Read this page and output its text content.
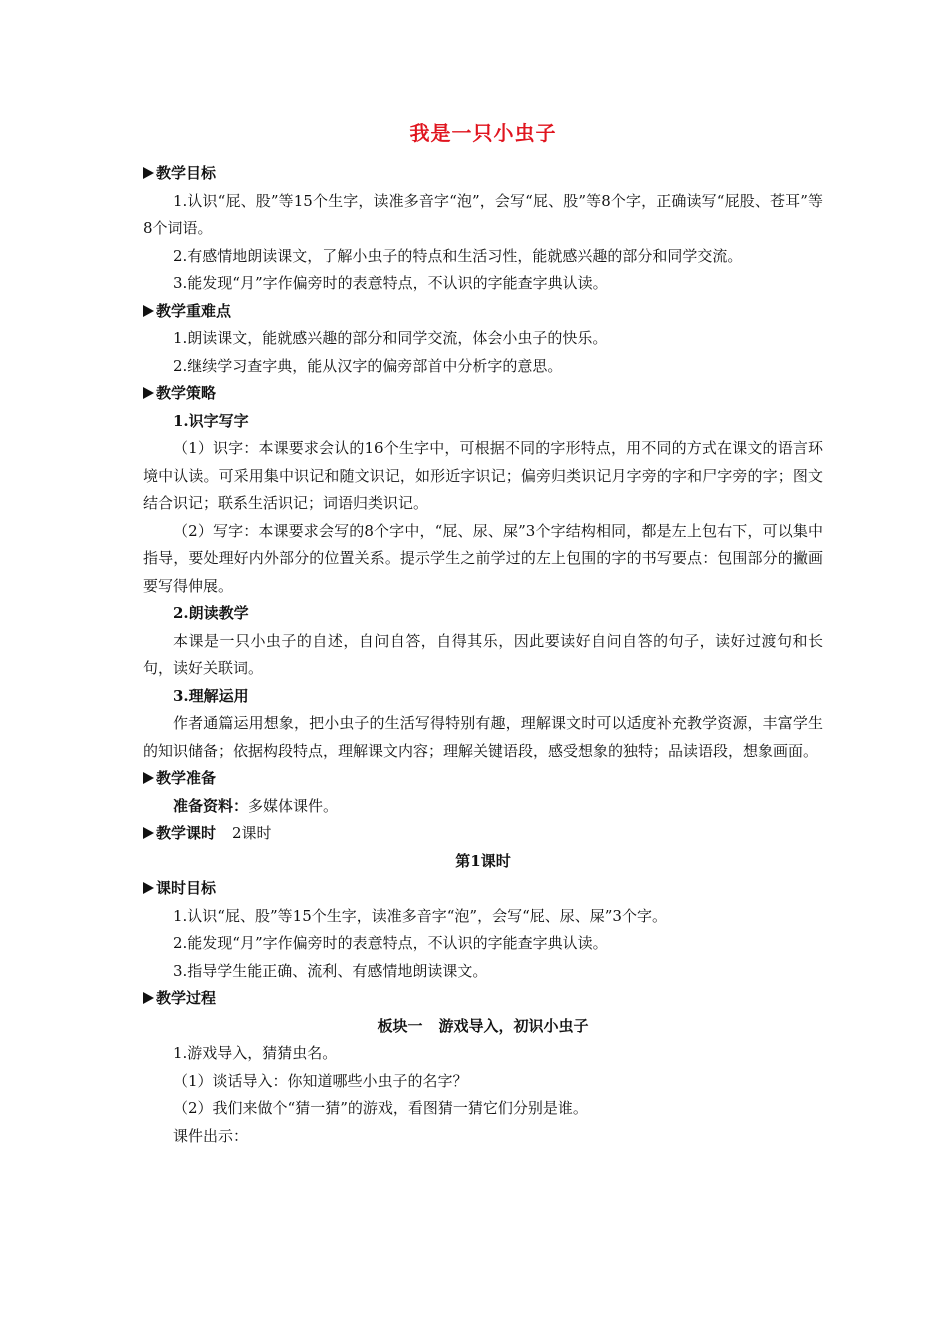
我是一只小虫子
教学目标

1.认识“屁、股”等15个生字，读准多音字“泡”，会写“屁、股”等8个字，正确读写“屁股、苍耳”等8个词语。

2.有感情地朗读课文，了解小虫子的特点和生活习性，能就感兴趣的部分和同学交流。

3.能发现“月”字作偏旁时的表意特点，不认识的字能查字典认读。

教学重难点

1.朗读课文，能就感兴趣的部分和同学交流，体会小虫子的快乐。

2.继续学习查字典，能从汉字的偏旁部首中分析字的意思。

教学策略
1.识字写字

（1）识字：本课要求会认的16个生字中，可根据不同的字形特点，用不同的方式在课文的语言环境中认读。可采用集中识记和随文识记，如形近字识记；偏旁归类识记月字旁的字和尸字旁的字；图文结合识记；联系生活识记；词语归类识记。

（2）写字：本课要求会写的8个字中，“屁、尿、屎”3个字结构相同，都是左上包右下，可以集中指导，要处理好内外部分的位置关系。提示学生之前学过的左上包围的字的书写要点：包围部分的撇画要写得伸展。

2.朗读教学

本课是一只小虫子的自述，自问自答，自得其乐，因此要读好自问自答的句子，读好过渡句和长句，读好关联词。

3.理解运用

作者通篇运用想象，把小虫子的生活写得特别有趣，理解课文时可以适度补充教学资源，丰富学生的知识储备；依据构段特点，理解课文内容；理解关键语段，感受想象的独特；品读语段，想象画面。

教学准备
准备资料：多媒体课件。
教学课时 2课时
第1课时
课时目标

1.认识“屁、股”等15个生字，读准多音字“泡”，会写“屁、尿、屎”3个字。

2.能发现“月”字作偏旁时的表意特点，不认识的字能查字典认读。

3.指导学生能正确、流利、有感情地朗读课文。

教学过程
板块一 游戏导入，初识小虫子

1.游戏导入，猜猜虫名。

（1）谈话导入：你知道哪些小虫子的名字？

（2）我们来做个“猜一猜”的游戏，看图猜一猜它们分别是谁。

课件出示：
